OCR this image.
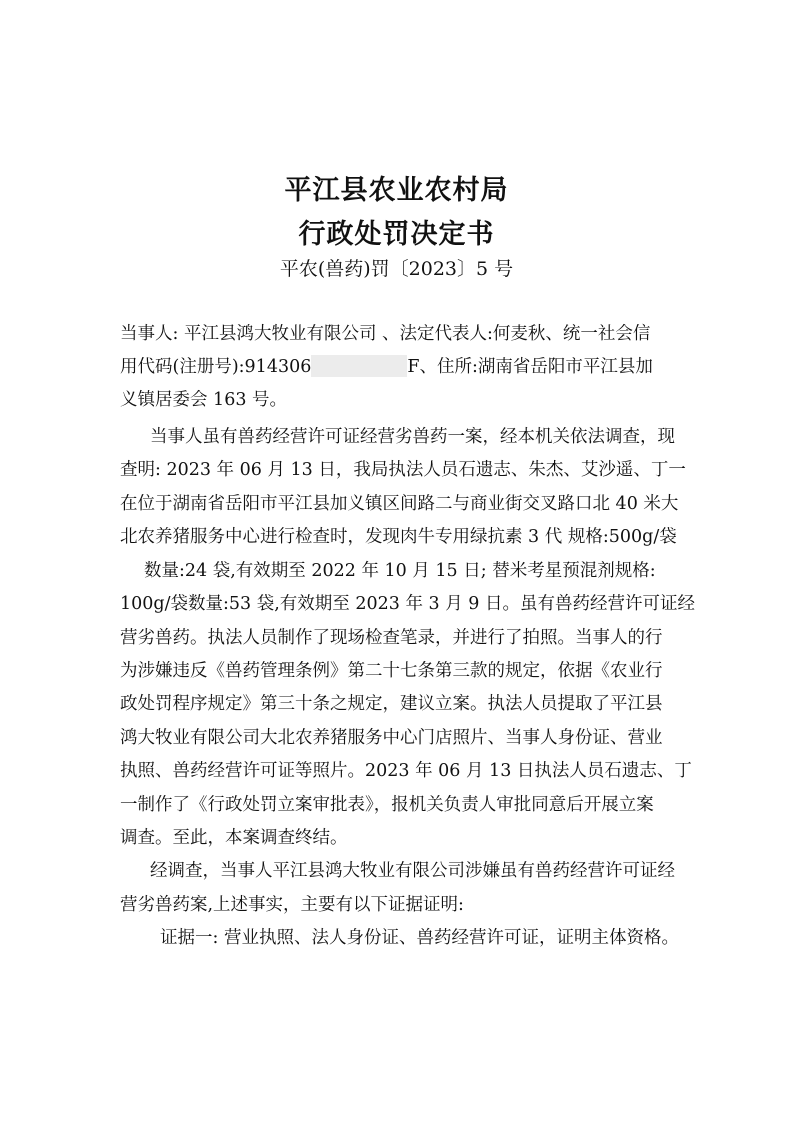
平江县农业农村局
行政处罚决定书
平农(兽药)罚〔2023〕5 号
当事人: 平江县鸿大牧业有限公司 、法定代表人:何麦秋、统一社会信
用代码(注册号):914306	F、住所:湖南省岳阳市平江县加
义镇居委会 163 号。
当事人虽有兽药经营许可证经营劣兽药一案，经本机关依法调查，现
查明: 2023 年 06 月 13 日，我局执法人员石遗志、朱杰、艾沙遥、丁一
在位于湖南省岳阳市平江县加义镇区间路二与商业街交叉路口北 40 米大
北农养猪服务中心进行检查时，发现肉牛专用绿抗素 3 代 规格:500g/袋
数量:24 袋,有效期至 2022 年 10 月 15 日; 替米考星预混剂规格:
100g/袋数量:53 袋,有效期至 2023 年 3 月 9 日。虽有兽药经营许可证经
营劣兽药。执法人员制作了现场检查笔录，并进行了拍照。当事人的行
为涉嫌违反《兽药管理条例》第二十七条第三款的规定，依据《农业行
政处罚程序规定》第三十条之规定，建议立案。执法人员提取了平江县
鸿大牧业有限公司大北农养猪服务中心门店照片、当事人身份证、营业
执照、兽药经营许可证等照片。2023 年 06 月 13 日执法人员石遗志、丁
一制作了《行政处罚立案审批表》，报机关负责人审批同意后开展立案
调查。至此，本案调查终结。
经调查，当事人平江县鸿大牧业有限公司涉嫌虽有兽药经营许可证经
营劣兽药案,上述事实，主要有以下证据证明:
证据一: 营业执照、法人身份证、兽药经营许可证，证明主体资格。
